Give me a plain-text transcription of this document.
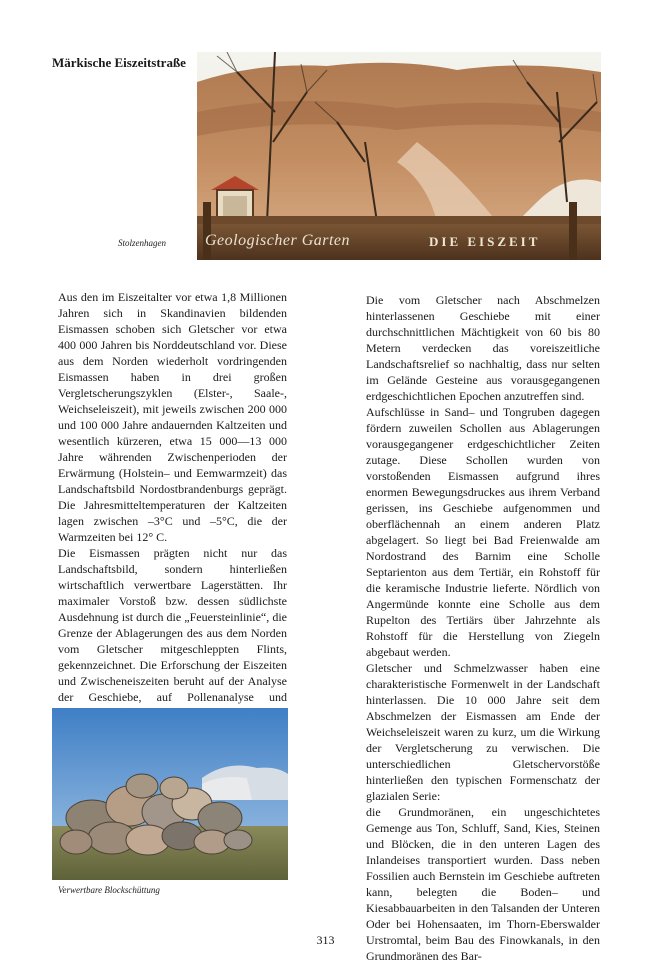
Märkische Eiszeitstraße
Geologischer Garten	DIE EISZEIT
Stolzenhagen

Aus den im Eiszeitalter vor etwa 1,8 Millionen Jahren sich in Skandinavien bildenden Eismassen schoben sich Gletscher vor etwa 400 000 Jahren bis Norddeutschland vor. Diese aus dem Norden wiederholt vordringenden Eismassen haben in drei großen Vergletscherungszyklen (Elster-, Saale-, Weichseleiszeit), mit jeweils zwischen 200 000 und 100 000 Jahre andauernden Kaltzeiten und wesentlich kürzeren, etwa 15 000—13 000 Jahre währenden Zwischenperioden der Erwärmung (Holstein– und Eemwarmzeit) das Landschaftsbild Nordostbrandenburgs geprägt. Die Jahresmitteltemperaturen der Kaltzeiten lagen zwischen –3°C und –5°C, die der Warmzeiten bei 12° C.

Die Eismassen prägten nicht nur das Landschaftsbild, sondern hinterließen wirtschaftlich verwertbare Lagerstätten. Ihr maximaler Vorstoß bzw. dessen südlichste Ausdehnung ist durch die „Feuersteinlinie“, die Grenze der Ablagerungen des aus dem Norden vom Gletscher mitgeschleppten Flints, gekennzeichnet. Die Erforschung der Eiszeiten und Zwischeneiszeiten beruht auf der Analyse der Geschiebe, auf Pollenanalyse und

Verwertbare Blockschüttung

Die vom Gletscher nach Abschmelzen hinterlassenen Geschiebe mit einer durchschnittlichen Mächtigkeit von 60 bis 80 Metern verdecken das voreiszeitliche Landschaftsrelief so nachhaltig, dass nur selten im Gelände Gesteine aus vorausgegangenen erdgeschichtlichen Epochen anzutreffen sind.

Aufschlüsse in Sand– und Tongruben dagegen fördern zuweilen Schollen aus Ablagerungen vorausgegangener erdgeschichtlicher Zeiten zutage. Diese Schollen wurden von vorstoßenden Eismassen aufgrund ihres enormen Bewegungsdruckes aus ihrem Verband gerissen, ins Geschiebe aufgenommen und oberflächennah an einem anderen Platz abgelagert. So liegt bei Bad Freienwalde am Nordostrand des Barnim eine Scholle Septarienton aus dem Tertiär, ein Rohstoff für die keramische Industrie lieferte. Nördlich von Angermünde konnte eine Scholle aus dem Rupelton des Tertiärs über Jahrzehnte als Rohstoff für die Herstellung von Ziegeln abgebaut werden.

Gletscher und Schmelzwasser haben eine charakteristische Formenwelt in der Landschaft hinterlassen. Die 10 000 Jahre seit dem Abschmelzen der Eismassen am Ende der Weichseleiszeit waren zu kurz, um die Wirkung der Vergletscherung zu verwischen. Die unterschiedlichen Gletschervorstöße hinterließen den typischen Formenschatz der glazialen Serie:

die Grundmoränen, ein ungeschichtetes Gemenge aus Ton, Schluff, Sand, Kies, Steinen und Blöcken, die in den unteren Lagen des Inlandeises transportiert wurden. Dass neben Fossilien auch Bernstein im Geschiebe auftreten kann, belegten die Boden– und Kiesabbauarbeiten in den Talsanden der Unteren Oder bei Hohensaaten, im Thorn-Eberswalder Urstromtal, beim Bau des Finowkanals, in den Grundmoränen des Bar-

313
